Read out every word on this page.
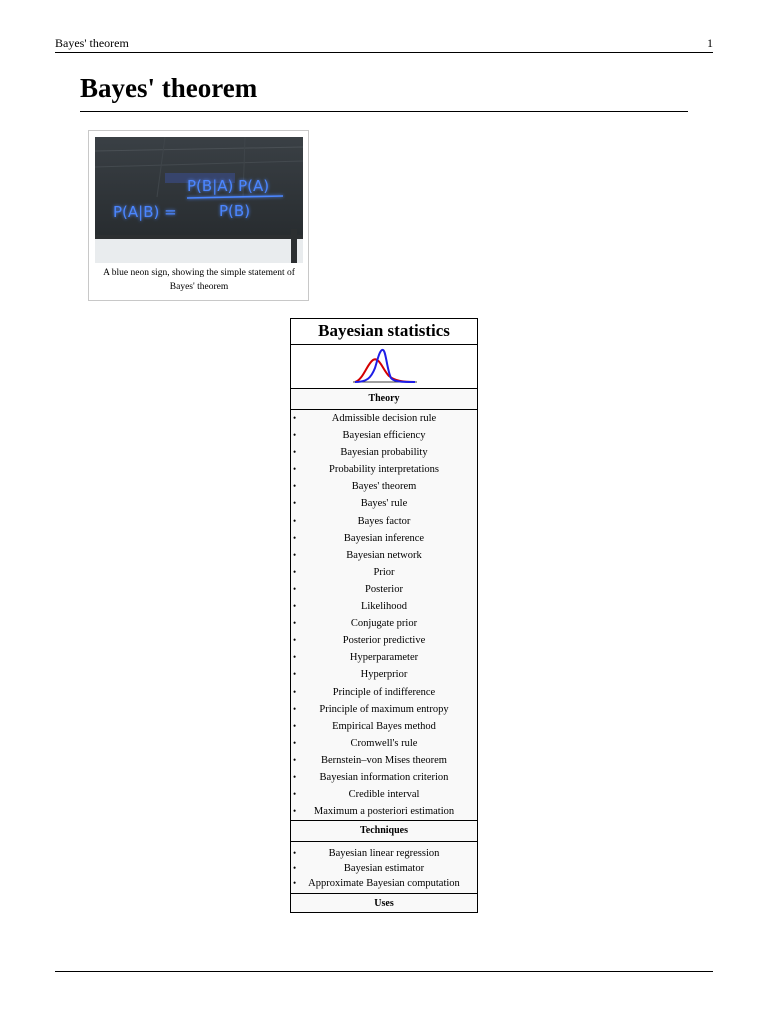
Bayes' theorem	1
Bayes' theorem
P(A|B) =
P(B|A) P(A)
P(B)
A blue neon sign, showing the simple statement of Bayes' theorem
Bayesian statistics
Theory
• Admissible decision rule
• Bayesian efficiency
• Bayesian probability
• Probability interpretations
• Bayes' theorem
• Bayes' rule
• Bayes factor
• Bayesian inference
• Bayesian network
• Prior
• Posterior
• Likelihood
• Conjugate prior
• Posterior predictive
• Hyperparameter
• Hyperprior
• Principle of indifference
• Principle of maximum entropy
• Empirical Bayes method
• Cromwell's rule
• Bernstein–von Mises theorem
• Bayesian information criterion
• Credible interval
• Maximum a posteriori estimation
Techniques
• Bayesian linear regression
• Bayesian estimator
• Approximate Bayesian computation
Uses
